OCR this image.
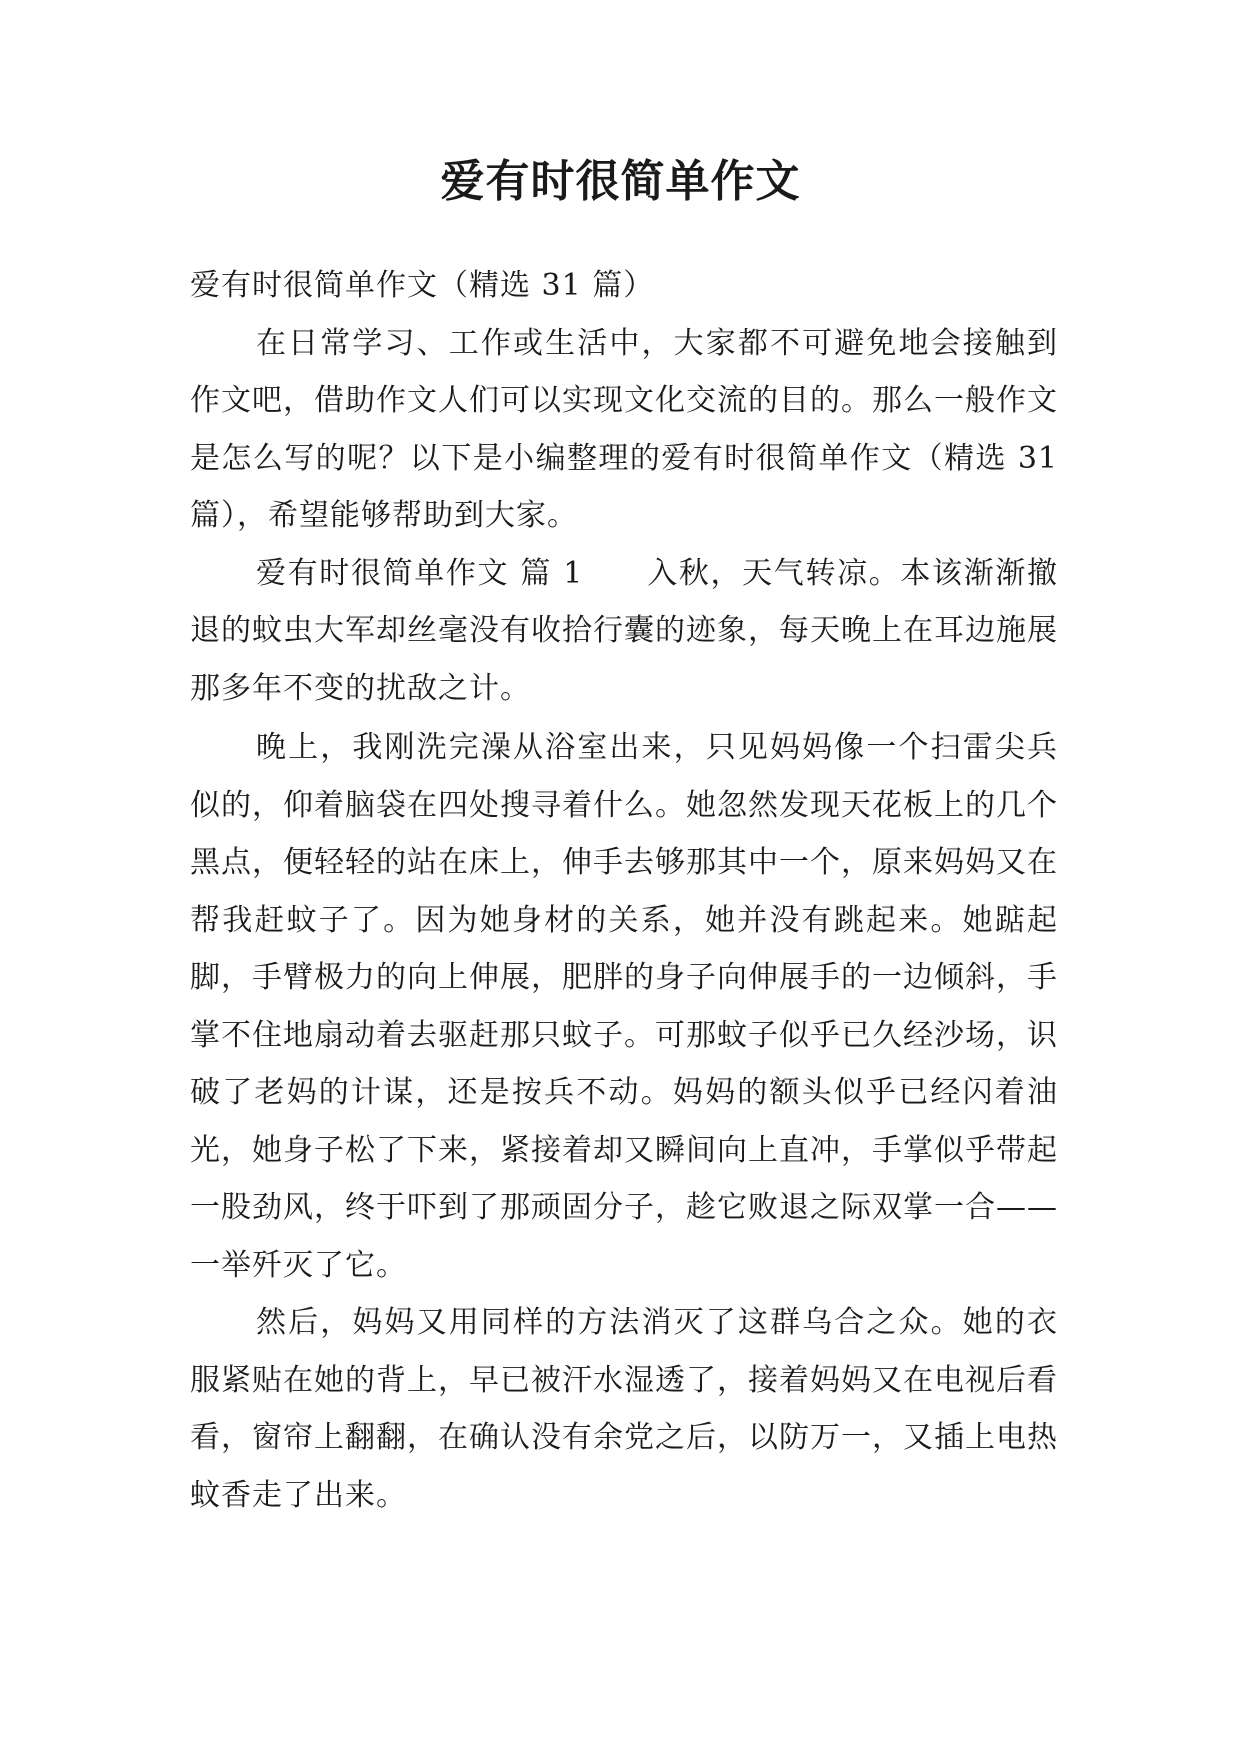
爱有时很简单作文

爱有时很简单作文（精选 31 篇）

在日常学习、工作或生活中，大家都不可避免地会接触到作文吧，借助作文人们可以实现文化交流的目的。那么一般作文是怎么写的呢？以下是小编整理的爱有时很简单作文（精选 31 篇），希望能够帮助到大家。

爱有时很简单作文 篇 1　　入秋，天气转凉。本该渐渐撤退的蚊虫大军却丝毫没有收拾行囊的迹象，每天晚上在耳边施展那多年不变的扰敌之计。

晚上，我刚洗完澡从浴室出来，只见妈妈像一个扫雷尖兵似的，仰着脑袋在四处搜寻着什么。她忽然发现天花板上的几个黑点，便轻轻的站在床上，伸手去够那其中一个，原来妈妈又在帮我赶蚊子了。因为她身材的关系，她并没有跳起来。她踮起脚，手臂极力的向上伸展，肥胖的身子向伸展手的一边倾斜，手掌不住地扇动着去驱赶那只蚊子。可那蚊子似乎已久经沙场，识破了老妈的计谋，还是按兵不动。妈妈的额头似乎已经闪着油光，她身子松了下来，紧接着却又瞬间向上直冲，手掌似乎带起一股劲风，终于吓到了那顽固分子，趁它败退之际双掌一合——一举歼灭了它。

然后，妈妈又用同样的方法消灭了这群乌合之众。她的衣服紧贴在她的背上，早已被汗水湿透了，接着妈妈又在电视后看看，窗帘上翻翻，在确认没有余党之后，以防万一，又插上电热蚊香走了出来。
